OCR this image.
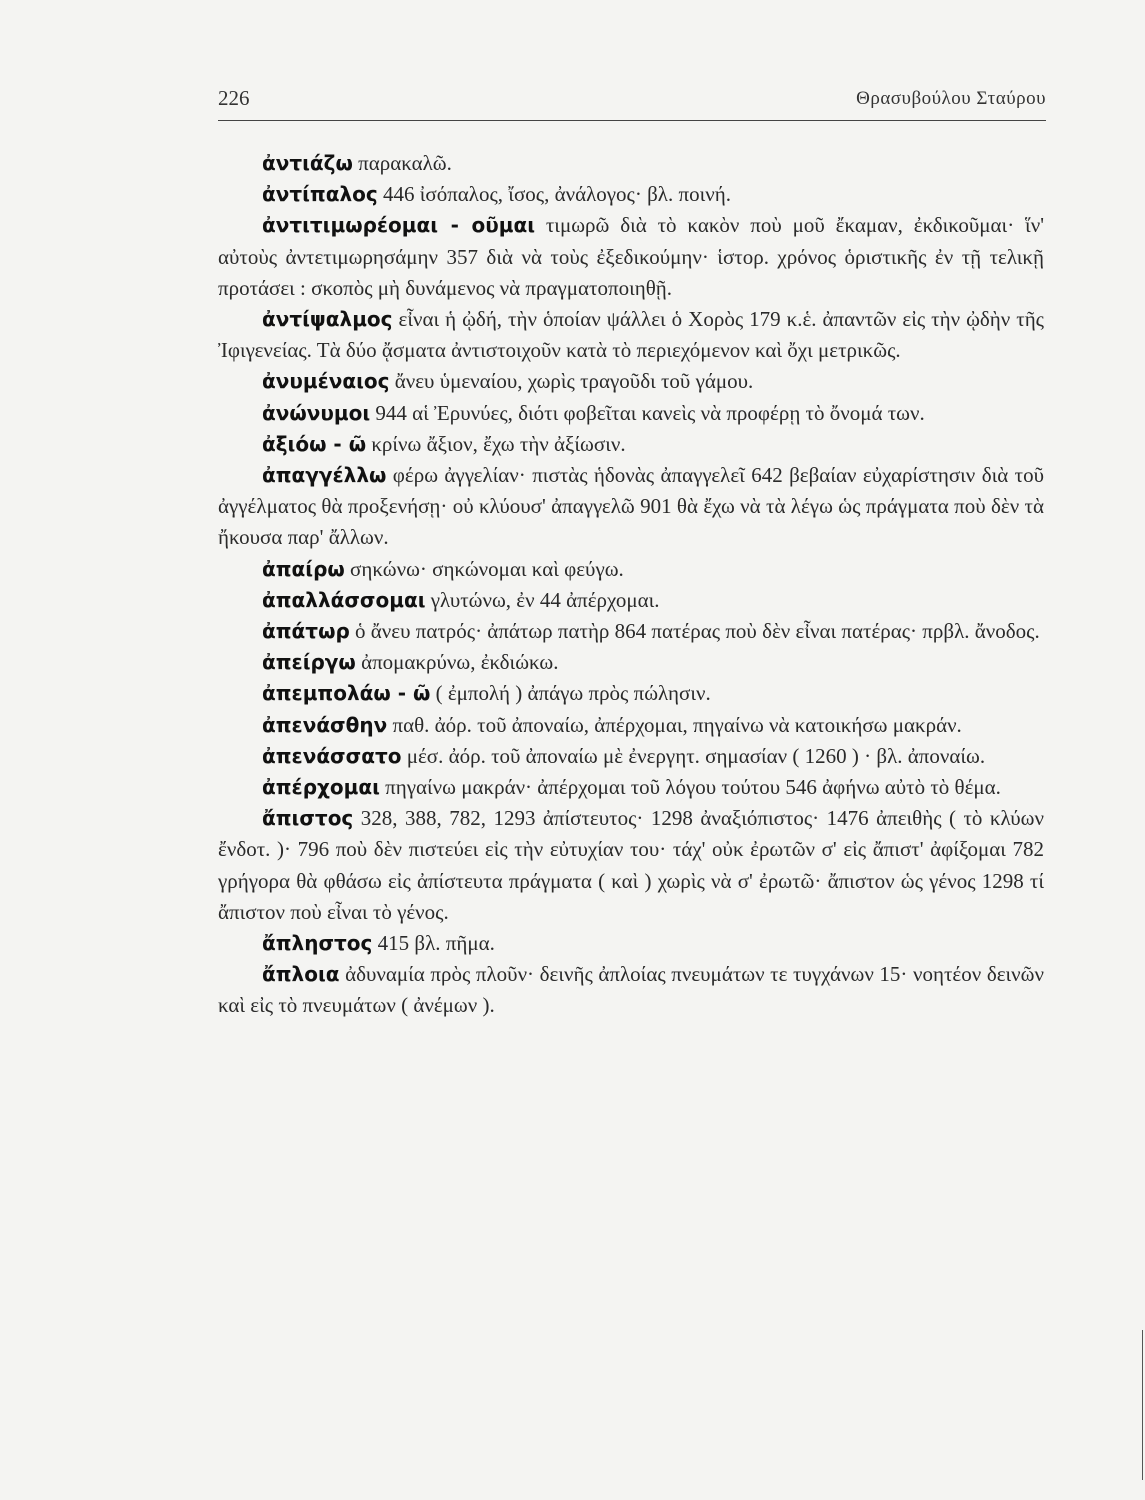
226	Θρασυβούλου Σταύρου

ἀντιάζω παρακαλῶ.

ἀντίπαλος 446 ἰσόπαλος, ἴσος, ἀνάλογος· βλ. ποινή.

ἀντιτιμωρέομαι - οῦμαι τιμωρῶ διὰ τὸ κακὸν ποὺ μοῦ ἔκαμαν, ἐκδικοῦμαι· ἵν' αὐτοὺς ἀντετιμωρησάμην 357 διὰ νὰ τοὺς ἐξεδικούμην· ἱστορ. χρόνος ὁριστικῆς ἐν τῇ τελικῇ προτάσει : σκοπὸς μὴ δυνάμενος νὰ πραγματοποιηθῇ.

ἀντίψαλμος εἶναι ἡ ᾠδή, τὴν ὁποίαν ψάλλει ὁ Χορὸς 179 κ.ἑ. ἀπαντῶν εἰς τὴν ᾠδὴν τῆς Ἰφιγενείας. Τὰ δύο ᾄσματα ἀντιστοιχοῦν κατὰ τὸ περιεχόμενον καὶ ὄχι μετρικῶς.

ἀνυμέναιος ἄνευ ὑμεναίου, χωρὶς τραγοῦδι τοῦ γάμου.

ἀνώνυμοι 944 αἱ Ἐρυνύες, διότι φοβεῖται κανεὶς νὰ προφέρῃ τὸ ὄνομά των.

ἀξιόω - ῶ κρίνω ἄξιον, ἔχω τὴν ἀξίωσιν.

ἀπαγγέλλω φέρω ἀγγελίαν· πιστὰς ἡδονὰς ἀπαγγελεῖ 642 βεβαίαν εὐχαρίστησιν διὰ τοῦ ἀγγέλματος θὰ προξενήσῃ· οὐ κλύουσ' ἀπαγγελῶ 901 θὰ ἔχω νὰ τὰ λέγω ὡς πράγματα ποὺ δὲν τὰ ἤκουσα παρ' ἄλλων.

ἀπαίρω σηκώνω· σηκώνομαι καὶ φεύγω.

ἀπαλλάσσομαι γλυτώνω, ἐν 44 ἀπέρχομαι.

ἀπάτωρ ὁ ἄνευ πατρός· ἀπάτωρ πατὴρ 864 πατέρας ποὺ δὲν εἶναι πατέρας· πρβλ. ἄνοδος.

ἀπείργω ἀπομακρύνω, ἐκδιώκω.

ἀπεμπολάω - ῶ ( ἐμπολή ) ἀπάγω πρὸς πώλησιν.

ἀπενάσθην παθ. ἀόρ. τοῦ ἀποναίω, ἀπέρχομαι, πηγαίνω νὰ κατοικήσω μακράν.

ἀπενάσσατο μέσ. ἀόρ. τοῦ ἀποναίω μὲ ἐνεργητ. σημασίαν ( 1260 ) · βλ. ἀποναίω.

ἀπέρχομαι πηγαίνω μακράν· ἀπέρχομαι τοῦ λόγου τούτου 546 ἀφήνω αὐτὸ τὸ θέμα.

ἄπιστος 328, 388, 782, 1293 ἀπίστευτος· 1298 ἀναξιόπιστος· 1476 ἀπειθὴς ( τὸ κλύων ἔνδοτ. )· 796 ποὺ δὲν πιστεύει εἰς τὴν εὐτυχίαν του· τάχ' οὐκ ἐρωτῶν σ' εἰς ἄπιστ' ἀφίξομαι 782 γρήγορα θὰ φθάσω εἰς ἀπίστευτα πράγματα ( καὶ ) χωρὶς νὰ σ' ἐρωτῶ· ἄπιστον ὡς γένος 1298 τί ἄπιστον ποὺ εἶναι τὸ γένος.

ἄπληστος 415 βλ. πῆμα.

ἄπλοια ἀδυναμία πρὸς πλοῦν· δεινῆς ἀπλοίας πνευμάτων τε τυγχάνων 15· νοητέον δεινῶν καὶ εἰς τὸ πνευμάτων ( ἀνέμων ).
